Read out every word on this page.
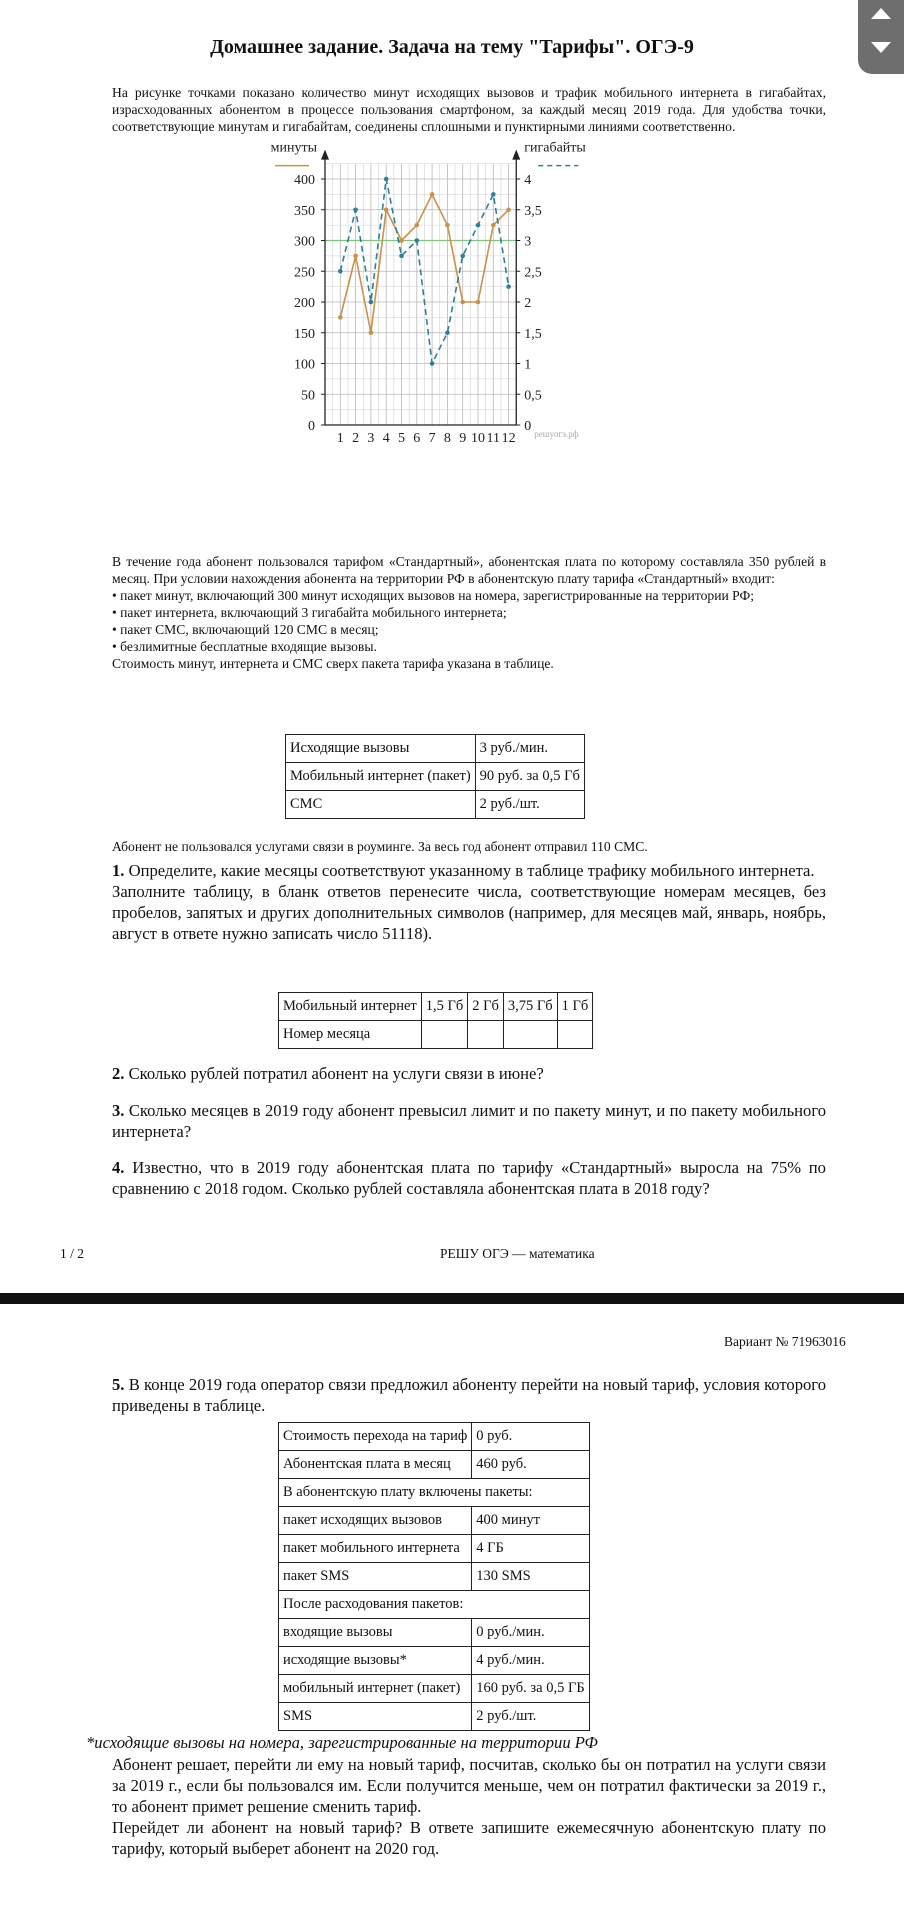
Домашнее задание. Задача на тему "Тарифы". ОГЭ-9
На рисунке точками показано количество минут исходящих вызовов и трафик мобильного интернета в гигабайтах, израсходованных абонентом в процессе пользования смартфоном, за каждый месяц 2019 года. Для удобства точки, соответствующие минутам и гигабайтам, соединены сплошными и пунктирными линиями соответственно.
0
50
100
150
200
250
300
350
400
0
0,5
1
1,5
2
2,5
3
3,5
4
1 2 3 4 5 6 7 8 9 10 11 12
минуты	гигабайты
решуогэ.рф
В течение года абонент пользовался тарифом «Стандартный», абонентская плата по которому составляла 350 рублей в месяц. При условии нахождения абонента на территории РФ в абонентскую плату тарифа «Стандартный» входит:
• пакет минут, включающий 300 минут исходящих вызовов на номера, зарегистрированные на территории РФ;
• пакет интернета, включающий 3 гигабайта мобильного интернета;
• пакет СМС, включающий 120 СМС в месяц;
• безлимитные бесплатные входящие вызовы.
Стоимость минут, интернета и СМС сверх пакета тарифа указана в таблице.
Исходящие вызовы	3 руб./мин.
Мобильный интернет (пакет)	90 руб. за 0,5 Гб
СМС	2 руб./шт.
Абонент не пользовался услугами связи в роуминге. За весь год абонент отправил 110 СМС.
1. Определите, какие месяцы соответствуют указанному в таблице трафику мобильного интернета.
Заполните таблицу, в бланк ответов перенесите числа, соответствующие номерам месяцев, без пробелов, запятых и других дополнительных символов (например, для месяцев май, январь, ноябрь, август в ответе нужно записать число 51118).
Мобильный интернет	1,5 Гб	2 Гб	3,75 Гб	1 Гб
Номер месяца				
2. Сколько рублей потратил абонент на услуги связи в июне?
3. Сколько месяцев в 2019 году абонент превысил лимит и по пакету минут, и по пакету мобильного интернета?
4. Известно, что в 2019 году абонентская плата по тарифу «Стандартный» выросла на 75% по сравнению с 2018 годом. Сколько рублей составляла абонентская плата в 2018 году?
1 / 2	РЕШУ ОГЭ — математика
Вариант № 71963016
5. В конце 2019 года оператор связи предложил абоненту перейти на новый тариф, условия которого приведены в таблице.
Стоимость перехода на тариф	0 руб.
Абонентская плата в месяц	460 руб.
В абонентскую плату включены пакеты:	
пакет исходящих вызовов	400 минут
пакет мобильного интернета	4 ГБ
пакет SMS	130 SMS
После расходования пакетов:	
входящие вызовы	0 руб./мин.
исходящие вызовы*	4 руб./мин.
мобильный интернет (пакет)	160 руб. за 0,5 ГБ
SMS	2 руб./шт.
*исходящие вызовы на номера, зарегистрированные на территории РФ
Абонент решает, перейти ли ему на новый тариф, посчитав, сколько бы он потратил на услуги связи за 2019 г., если бы пользовался им. Если получится меньше, чем он потратил фактически за 2019 г., то абонент примет решение сменить тариф.
Перейдет ли абонент на новый тариф? В ответе запишите ежемесячную абонентскую плату по тарифу, который выберет абонент на 2020 год.
